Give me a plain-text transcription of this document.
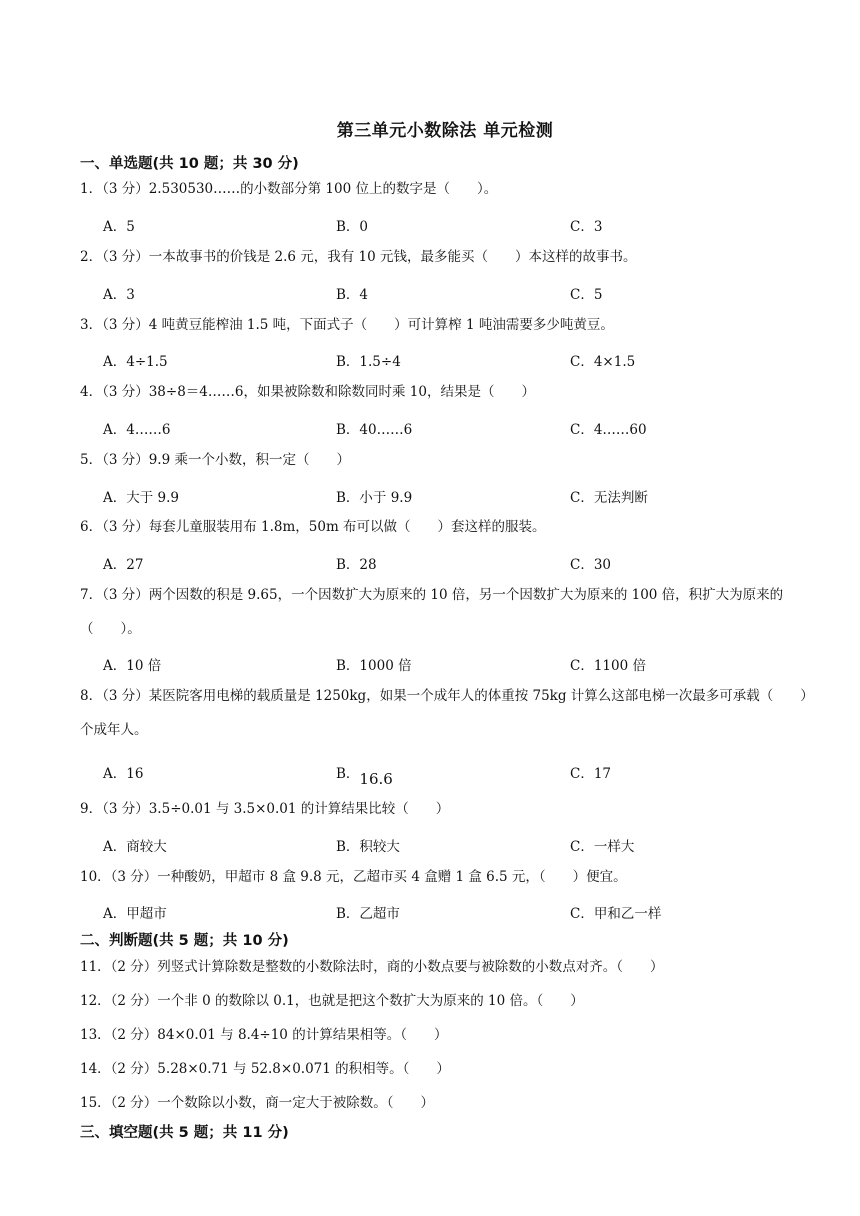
第三单元小数除法 单元检测
一、单选题(共 10 题；共 30 分)
1．（3 分）2.530530……的小数部分第 100 位上的数字是（　　）。
A．5	B．0	C．3
2．（3 分）一本故事书的价钱是 2.6 元，我有 10 元钱，最多能买（　　）本这样的故事书。
A．3	B．4	C．5
3．（3 分）4 吨黄豆能榨油 1.5 吨，下面式子（　　）可计算榨 1 吨油需要多少吨黄豆。
A．4÷1.5	B．1.5÷4	C．4×1.5
4．（3 分）38÷8＝4……6，如果被除数和除数同时乘 10，结果是（　　）
A．4……6	B．40……6	C．4……60
5．（3 分）9.9 乘一个小数，积一定（　　）
A．大于 9.9	B．小于 9.9	C．无法判断
6．（3 分）每套儿童服装用布 1.8m，50m 布可以做（　　）套这样的服装。
A．27	B．28	C．30
7．（3 分）两个因数的积是 9.65，一个因数扩大为原来的 10 倍，另一个因数扩大为原来的 100 倍，积扩大为原来的（　　）。
A．10 倍	B．1000 倍	C．1100 倍
8．（3 分）某医院客用电梯的载质量是 1250kg，如果一个成年人的体重按 75kg 计算么这部电梯一次最多可承载（　　）个成年人。
A．16	B．16.6	C．17
9．（3 分）3.5÷0.01 与 3.5×0.01 的计算结果比较（　　）
A．商较大	B．积较大	C．一样大
10．（3 分）一种酸奶，甲超市 8 盒 9.8 元，乙超市买 4 盒赠 1 盒 6.5 元，（　　）便宜。
A．甲超市	B．乙超市	C．甲和乙一样
二、判断题(共 5 题；共 10 分)
11．（2 分）列竖式计算除数是整数的小数除法时，商的小数点要与被除数的小数点对齐。（　　）
12．（2 分）一个非 0 的数除以 0.1，也就是把这个数扩大为原来的 10 倍。（　　）
13．（2 分）84×0.01 与 8.4÷10 的计算结果相等。（　　）
14．（2 分）5.28×0.71 与 52.8×0.071 的积相等。（　　）
15．（2 分）一个数除以小数，商一定大于被除数。（　　）
三、填空题(共 5 题；共 11 分)
